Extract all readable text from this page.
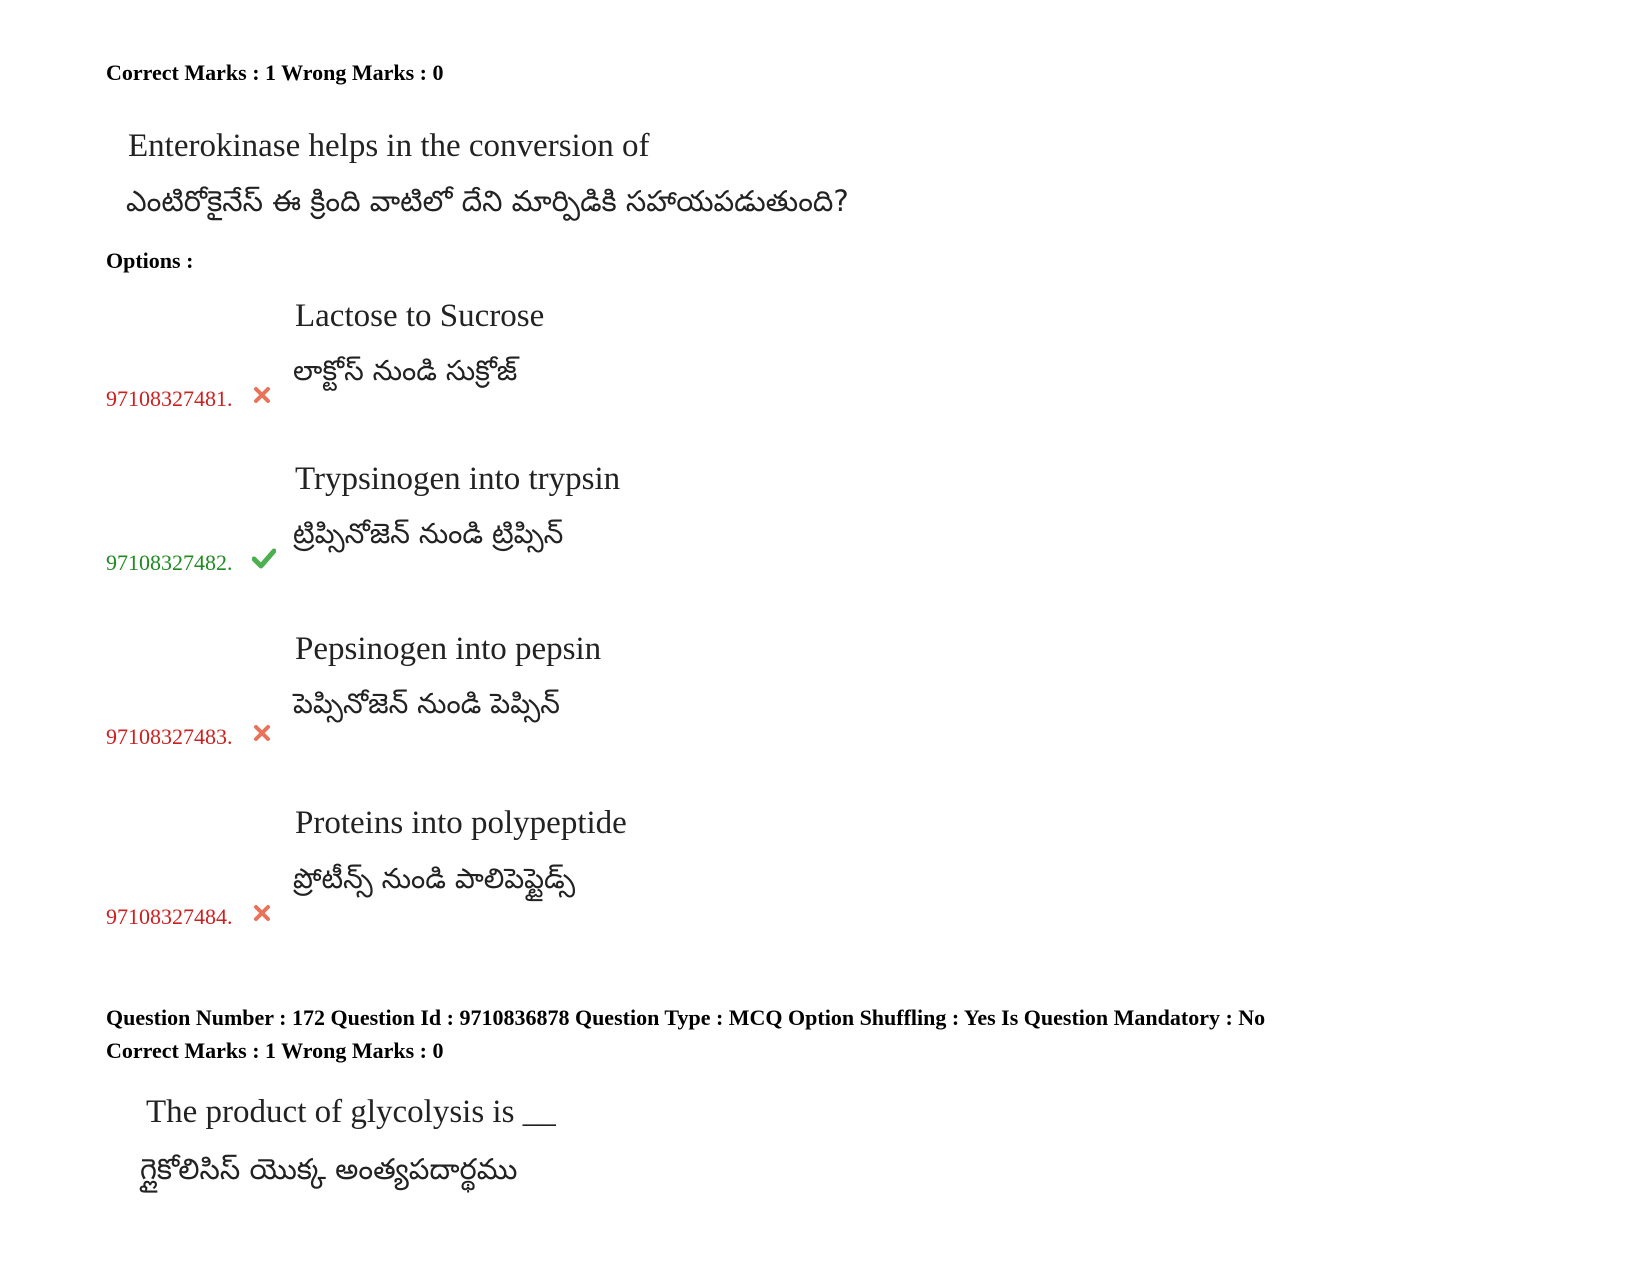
Correct Marks : 1 Wrong Marks : 0
Enterokinase helps in the conversion of
ఎంటిరోకైనేస్ ఈ క్రింది వాటిలో దేని మార్పిడికి సహాయపడుతుంది?
Options :
Lactose to Sucrose
లాక్టోస్ నుండి సుక్రోజ్
97108327481.
Trypsinogen into trypsin
ట్రిప్సినోజెన్ నుండి ట్రిప్సిన్
97108327482.
Pepsinogen into pepsin
పెప్సినోజెన్ నుండి పెప్సిన్
97108327483.
Proteins into polypeptide
ప్రోటీన్స్ నుండి పాలిపెప్టైడ్స్
97108327484.
Question Number : 172 Question Id : 9710836878 Question Type : MCQ Option Shuffling : Yes Is Question Mandatory : No
Correct Marks : 1 Wrong Marks : 0
The product of glycolysis is __
గ్లైకోలిసిస్ యొక్క అంత్యపదార్థము
